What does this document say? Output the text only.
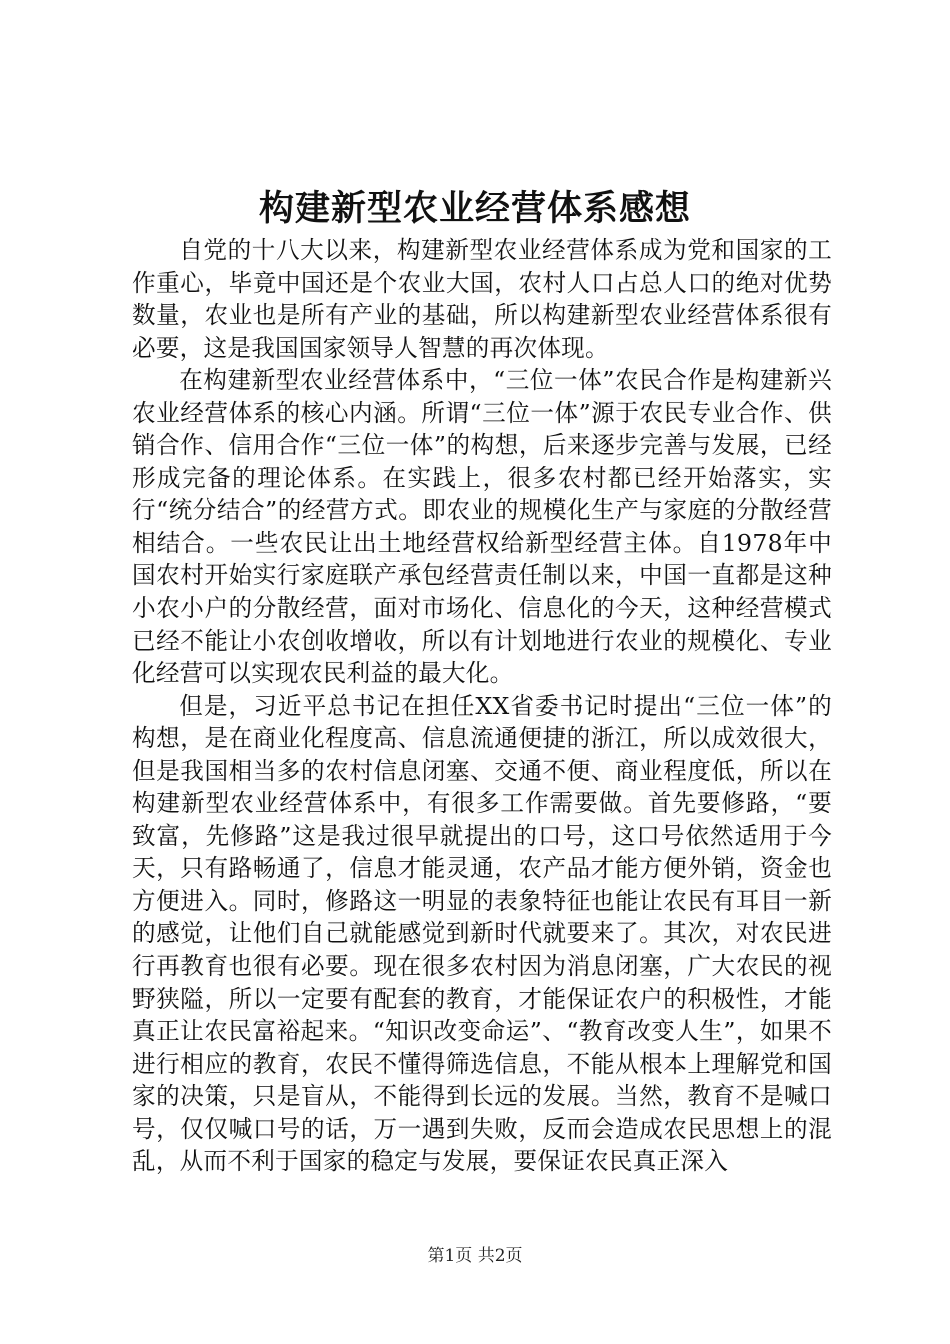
构建新型农业经营体系感想

自党的十八大以来，构建新型农业经营体系成为党和国家的工作重心，毕竟中国还是个农业大国，农村人口占总人口的绝对优势数量，农业也是所有产业的基础，所以构建新型农业经营体系很有必要，这是我国国家领导人智慧的再次体现。

在构建新型农业经营体系中，“三位一体”农民合作是构建新兴农业经营体系的核心内涵。所谓“三位一体”源于农民专业合作、供销合作、信用合作“三位一体”的构想，后来逐步完善与发展，已经形成完备的理论体系。在实践上，很多农村都已经开始落实，实行“统分结合”的经营方式。即农业的规模化生产与家庭的分散经营相结合。一些农民让出土地经营权给新型经营主体。自1978年中国农村开始实行家庭联产承包经营责任制以来，中国一直都是这种小农小户的分散经营，面对市场化、信息化的今天，这种经营模式已经不能让小农创收增收，所以有计划地进行农业的规模化、专业化经营可以实现农民利益的最大化。

但是，习近平总书记在担任XX省委书记时提出“三位一体”的构想，是在商业化程度高、信息流通便捷的浙江，所以成效很大，但是我国相当多的农村信息闭塞、交通不便、商业程度低，所以在构建新型农业经营体系中，有很多工作需要做。首先要修路，“要致富，先修路”这是我过很早就提出的口号，这口号依然适用于今天，只有路畅通了，信息才能灵通，农产品才能方便外销，资金也方便进入。同时，修路这一明显的表象特征也能让农民有耳目一新的感觉，让他们自己就能感觉到新时代就要来了。其次，对农民进行再教育也很有必要。现在很多农村因为消息闭塞，广大农民的视野狭隘，所以一定要有配套的教育，才能保证农户的积极性，才能真正让农民富裕起来。“知识改变命运”、“教育改变人生”，如果不进行相应的教育，农民不懂得筛选信息，不能从根本上理解党和国家的决策，只是盲从，不能得到长远的发展。当然，教育不是喊口号，仅仅喊口号的话，万一遇到失败，反而会造成农民思想上的混乱，从而不利于国家的稳定与发展，要保证农民真正深入

第1页 共2页
